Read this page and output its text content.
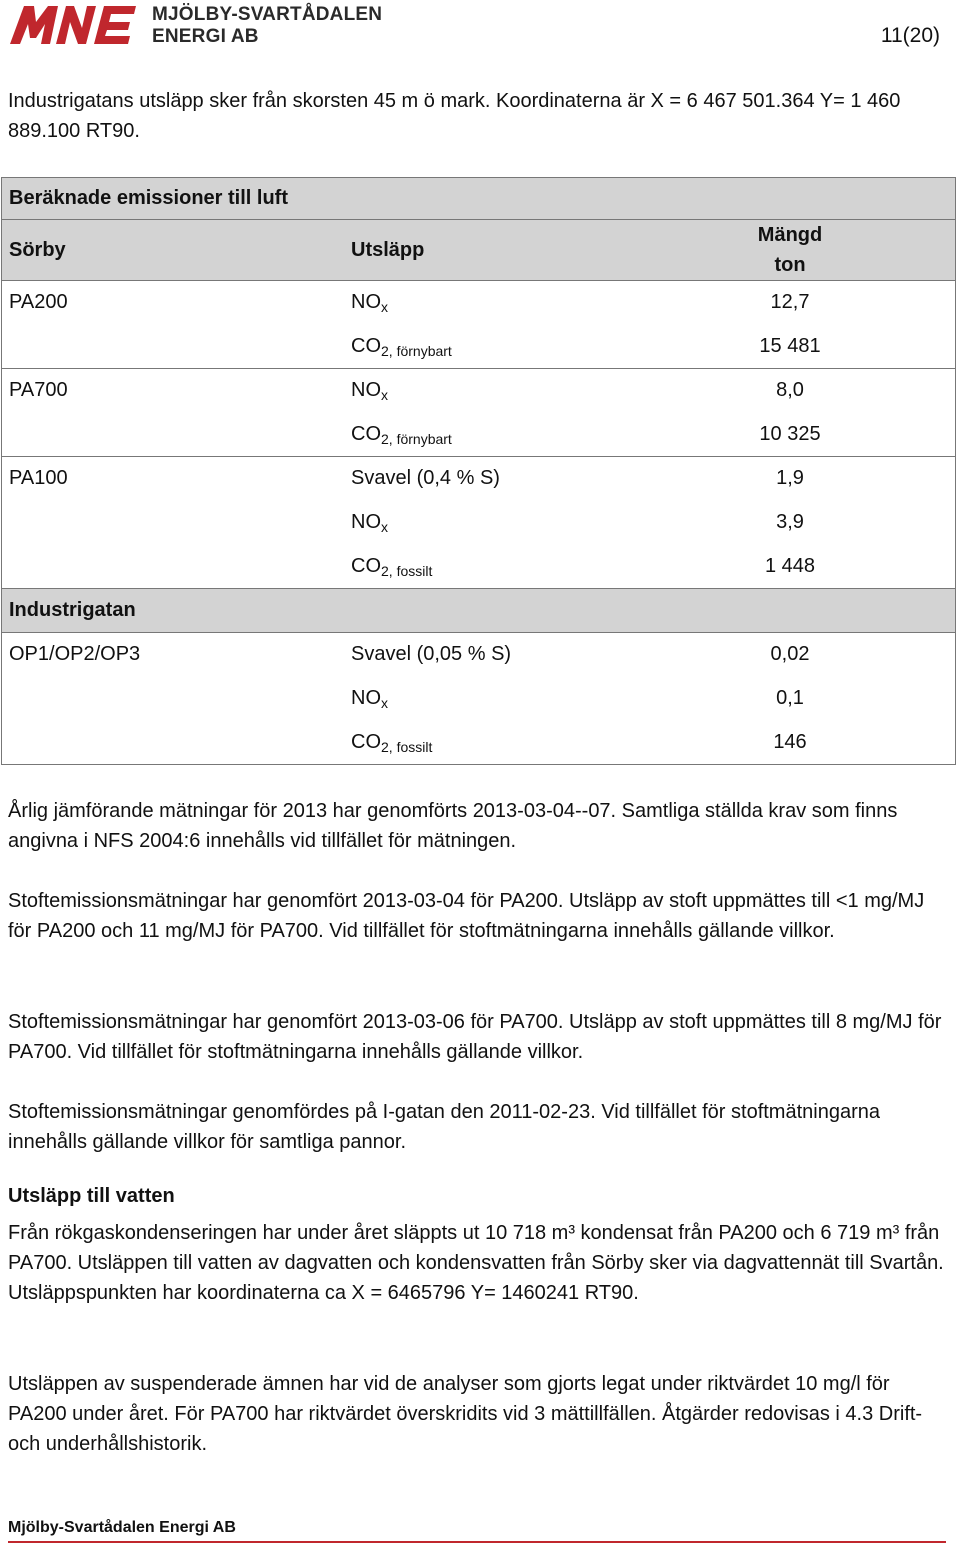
MJÖLBY-SVARTÅDALEN
ENERGI AB	11(20)
Industrigatans utsläpp sker från skorsten 45 m ö mark. Koordinaterna är X = 6 467 501.364 Y= 1 460 889.100 RT90.
Beräknade emissioner till luft			
Sörby	Utsläpp	Mängd
ton	

PA200	$NO_x$	12,7	
	$CO_{2, förnybart}$	15 481	
PA700	$NO_x$	8,0	
	$CO_{2, förnybart}$	10 325	
PA100	Svavel (0,4 % S)	1,9	
	$NO_x$	3,9	
	$CO_{2, fossilt}$	1 448	
Industrigatan			
OP1/OP2/OP3	Svavel (0,05 % S)	0,02	
	$NO_x$	0,1	
	$CO_{2, fossilt}$	146	
Årlig jämförande mätningar för 2013 har genomförts 2013-03-04--07. Samtliga ställda krav som finns angivna i NFS 2004:6 innehålls vid tillfället för mätningen.
Stoftemissionsmätningar har genomfört 2013-03-04 för PA200. Utsläpp av stoft uppmättes till <1 mg/MJ för PA200 och 11 mg/MJ för PA700. Vid tillfället för stoftmätningarna innehålls gällande villkor.
Stoftemissionsmätningar har genomfört 2013-03-06 för PA700. Utsläpp av stoft uppmättes till 8 mg/MJ för PA700. Vid tillfället för stoftmätningarna innehålls gällande villkor.
Stoftemissionsmätningar genomfördes på I-gatan den 2011-02-23. Vid tillfället för stoftmätningarna innehålls gällande villkor för samtliga pannor.
Utsläpp till vatten
Från rökgaskondenseringen har under året släppts ut 10 718 m³ kondensat från PA200 och 6 719 m³ från PA700. Utsläppen till vatten av dagvatten och kondensvatten från Sörby sker via dagvattennät till Svartån. Utsläppspunkten har koordinaterna ca X = 6465796 Y= 1460241 RT90.
Utsläppen av suspenderade ämnen har vid de analyser som gjorts legat under riktvärdet 10 mg/l för PA200 under året. För PA700 har riktvärdet överskridits vid 3 mättillfällen. Åtgärder redovisas i 4.3 Drift- och underhållshistorik.
Mjölby-Svartådalen Energi AB
